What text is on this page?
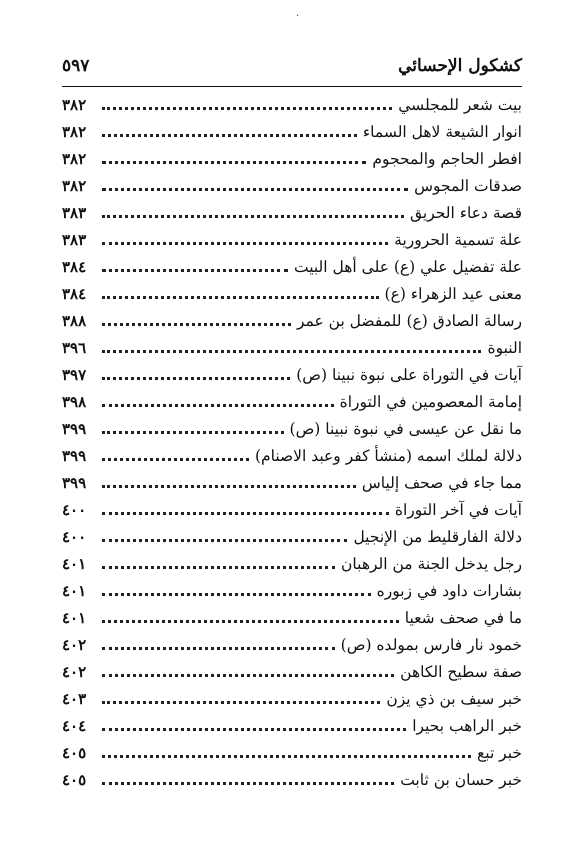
·
كشكول الإحسائي
٥٩٧
بيت شعر للمجلسي
٣٨٢
انوار الشيعة لاهل السماء
٣٨٢
افطر الحاجم والمحجوم
٣٨٢
صدقات المجوس
٣٨٢
قصة دعاء الحريق
٣٨٣
علة تسمية الحرورية
٣٨٣
علة تفضيل علي (ع) على أهل البيت
٣٨٤
معنى عيد الزهراء (ع)
٣٨٤
رسالة الصادق (ع) للمفضل بن عمر
٣٨٨
النبوة
٣٩٦
آيات في التوراة على نبوة نبينا (ص)
٣٩٧
إمامة المعصومين في التوراة
٣٩٨
ما نقل عن عيسى في نبوة نبينا (ص)
٣٩٩
دلالة لملك اسمه (منشأ كفر وعبد الاصنام)
٣٩٩
مما جاء في صحف إلياس
٣٩٩
آيات في آخر التوراة
٤٠٠
دلالة الفارقليط من الإنجيل
٤٠٠
رجل يدخل الجنة من الرهبان
٤٠١
بشارات داود في زبوره
٤٠١
ما في صحف شعيا
٤٠١
خمود نار فارس بمولده (ص)
٤٠٢
صفة سطيح الكاهن
٤٠٢
خبر سيف بن ذي يزن
٤٠٣
خبر الراهب بحيرا
٤٠٤
خبر تبع
٤٠٥
خبر حسان بن ثابت
٤٠٥
